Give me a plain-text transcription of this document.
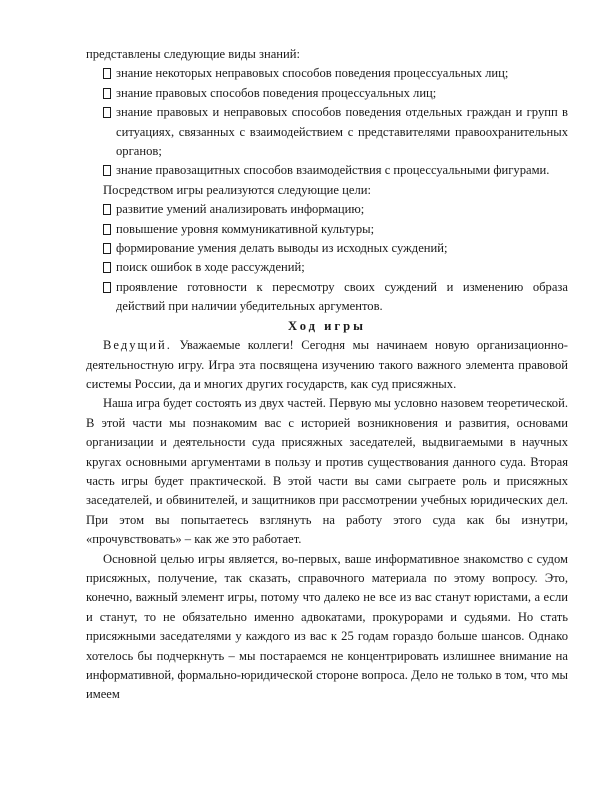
представлены следующие виды знаний:

знание некоторых неправовых способов поведения процессуальных лиц;
знание правовых способов поведения процессуальных лиц;
знание правовых и неправовых способов поведения отдельных граждан и групп в ситуациях, связанных с взаимодействием с представителями правоохранительных органов;
знание правозащитных способов взаимодействия с процессуальными фигурами.

Посредством игры реализуются следующие цели:

развитие умений анализировать информацию;
повышение уровня коммуникативной культуры;
формирование умения делать выводы из исходных суждений;
поиск ошибок в ходе рассуждений;
проявление готовности к пересмотру своих суждений и изменению образа действий при наличии убедительных аргументов.

Ход игры

Ведущий. Уважаемые коллеги! Сегодня мы начинаем новую организационно-деятельностную игру. Игра эта посвящена изучению такого важного элемента правовой системы России, да и многих других государств, как суд присяжных.

Наша игра будет состоять из двух частей. Первую мы условно назовем теоретической. В этой части мы познакомим вас с историей возникновения и развития, основами организации и деятельности суда присяжных заседателей, выдвигаемыми в научных кругах основными аргументами в пользу и против существования данного суда. Вторая часть игры будет практической. В этой части вы сами сыграете роль и присяжных заседателей, и обвинителей, и защитников при рассмотрении учебных юридических дел. При этом вы попытаетесь взглянуть на работу этого суда как бы изнутри, «прочувствовать» – как же это работает.

Основной целью игры является, во-первых, ваше информативное знакомство с судом присяжных, получение, так сказать, справочного материала по этому вопросу. Это, конечно, важный элемент игры, потому что далеко не все из вас станут юристами, а если и станут, то не обязательно именно адвокатами, прокурорами и судьями. Но стать присяжными заседателями у каждого из вас к 25 годам гораздо больше шансов. Однако хотелось бы подчеркнуть – мы постараемся не концентрировать излишнее внимание на информативной, формально-юридической стороне вопроса. Дело не только в том, что мы имеем
